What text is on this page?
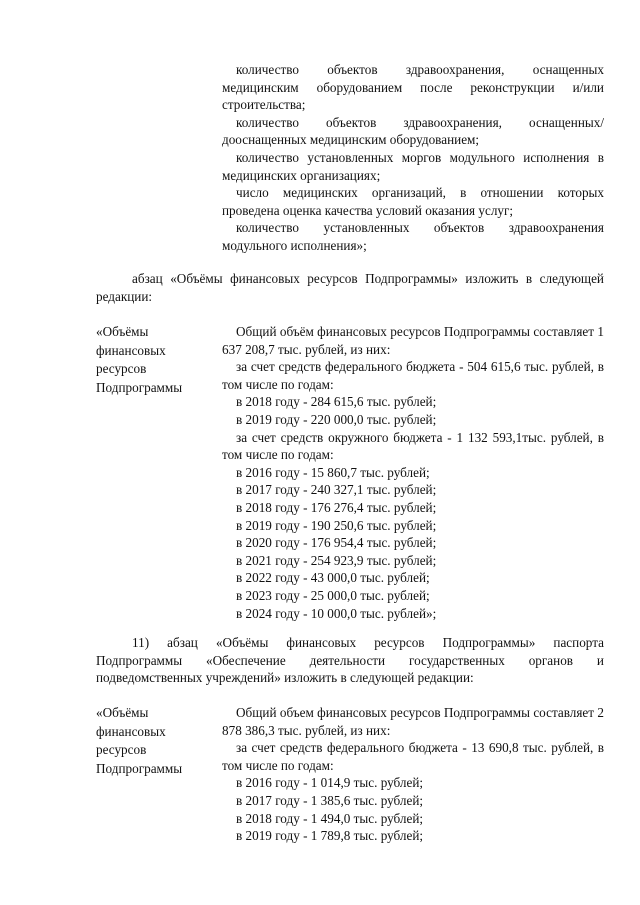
количество объектов здравоохранения, оснащенных медицинским оборудованием после реконструкции и/или строительства;

количество объектов здравоохранения, оснащенных/дооснащенных медицинским оборудованием;

количество установленных моргов модульного исполнения в медицинских организациях;

число медицинских организаций, в отношении которых проведена оценка качества условий оказания услуг;

количество установленных объектов здравоохранения модульного исполнения»;

абзац «Объёмы финансовых ресурсов Подпрограммы» изложить в следующей редакции:

«Объёмы
финансовых
ресурсов
Подпрограммы

Общий объём финансовых ресурсов Подпрограммы составляет 1 637 208,7 тыс. рублей, из них:

за счет средств федерального бюджета - 504 615,6 тыс. рублей, в том числе по годам:

в 2018 году - 284 615,6 тыс. рублей;
в 2019 году - 220 000,0 тыс. рублей;

за счет средств окружного бюджета - 1 132 593,1тыс. рублей, в том числе по годам:

в 2016 году - 15 860,7 тыс. рублей;
в 2017 году - 240 327,1 тыс. рублей;
в 2018 году - 176 276,4 тыс. рублей;
в 2019 году - 190 250,6 тыс. рублей;
в 2020 году - 176 954,4 тыс. рублей;
в 2021 году - 254 923,9 тыс. рублей;
в 2022 году - 43 000,0 тыс. рублей;
в 2023 году - 25 000,0 тыс. рублей;
в 2024 году - 10 000,0 тыс. рублей»;

11) абзац «Объёмы финансовых ресурсов Подпрограммы» паспорта Подпрограммы «Обеспечение деятельности государственных органов и подведомственных учреждений» изложить в следующей редакции:

«Объёмы
финансовых
ресурсов
Подпрограммы

Общий объем финансовых ресурсов Подпрограммы составляет 2 878 386,3 тыс. рублей, из них:

за счет средств федерального бюджета - 13 690,8 тыс. рублей, в том числе по годам:

в 2016 году - 1 014,9 тыс. рублей;
в 2017 году - 1 385,6 тыс. рублей;
в 2018 году - 1 494,0 тыс. рублей;
в 2019 году - 1 789,8 тыс. рублей;
